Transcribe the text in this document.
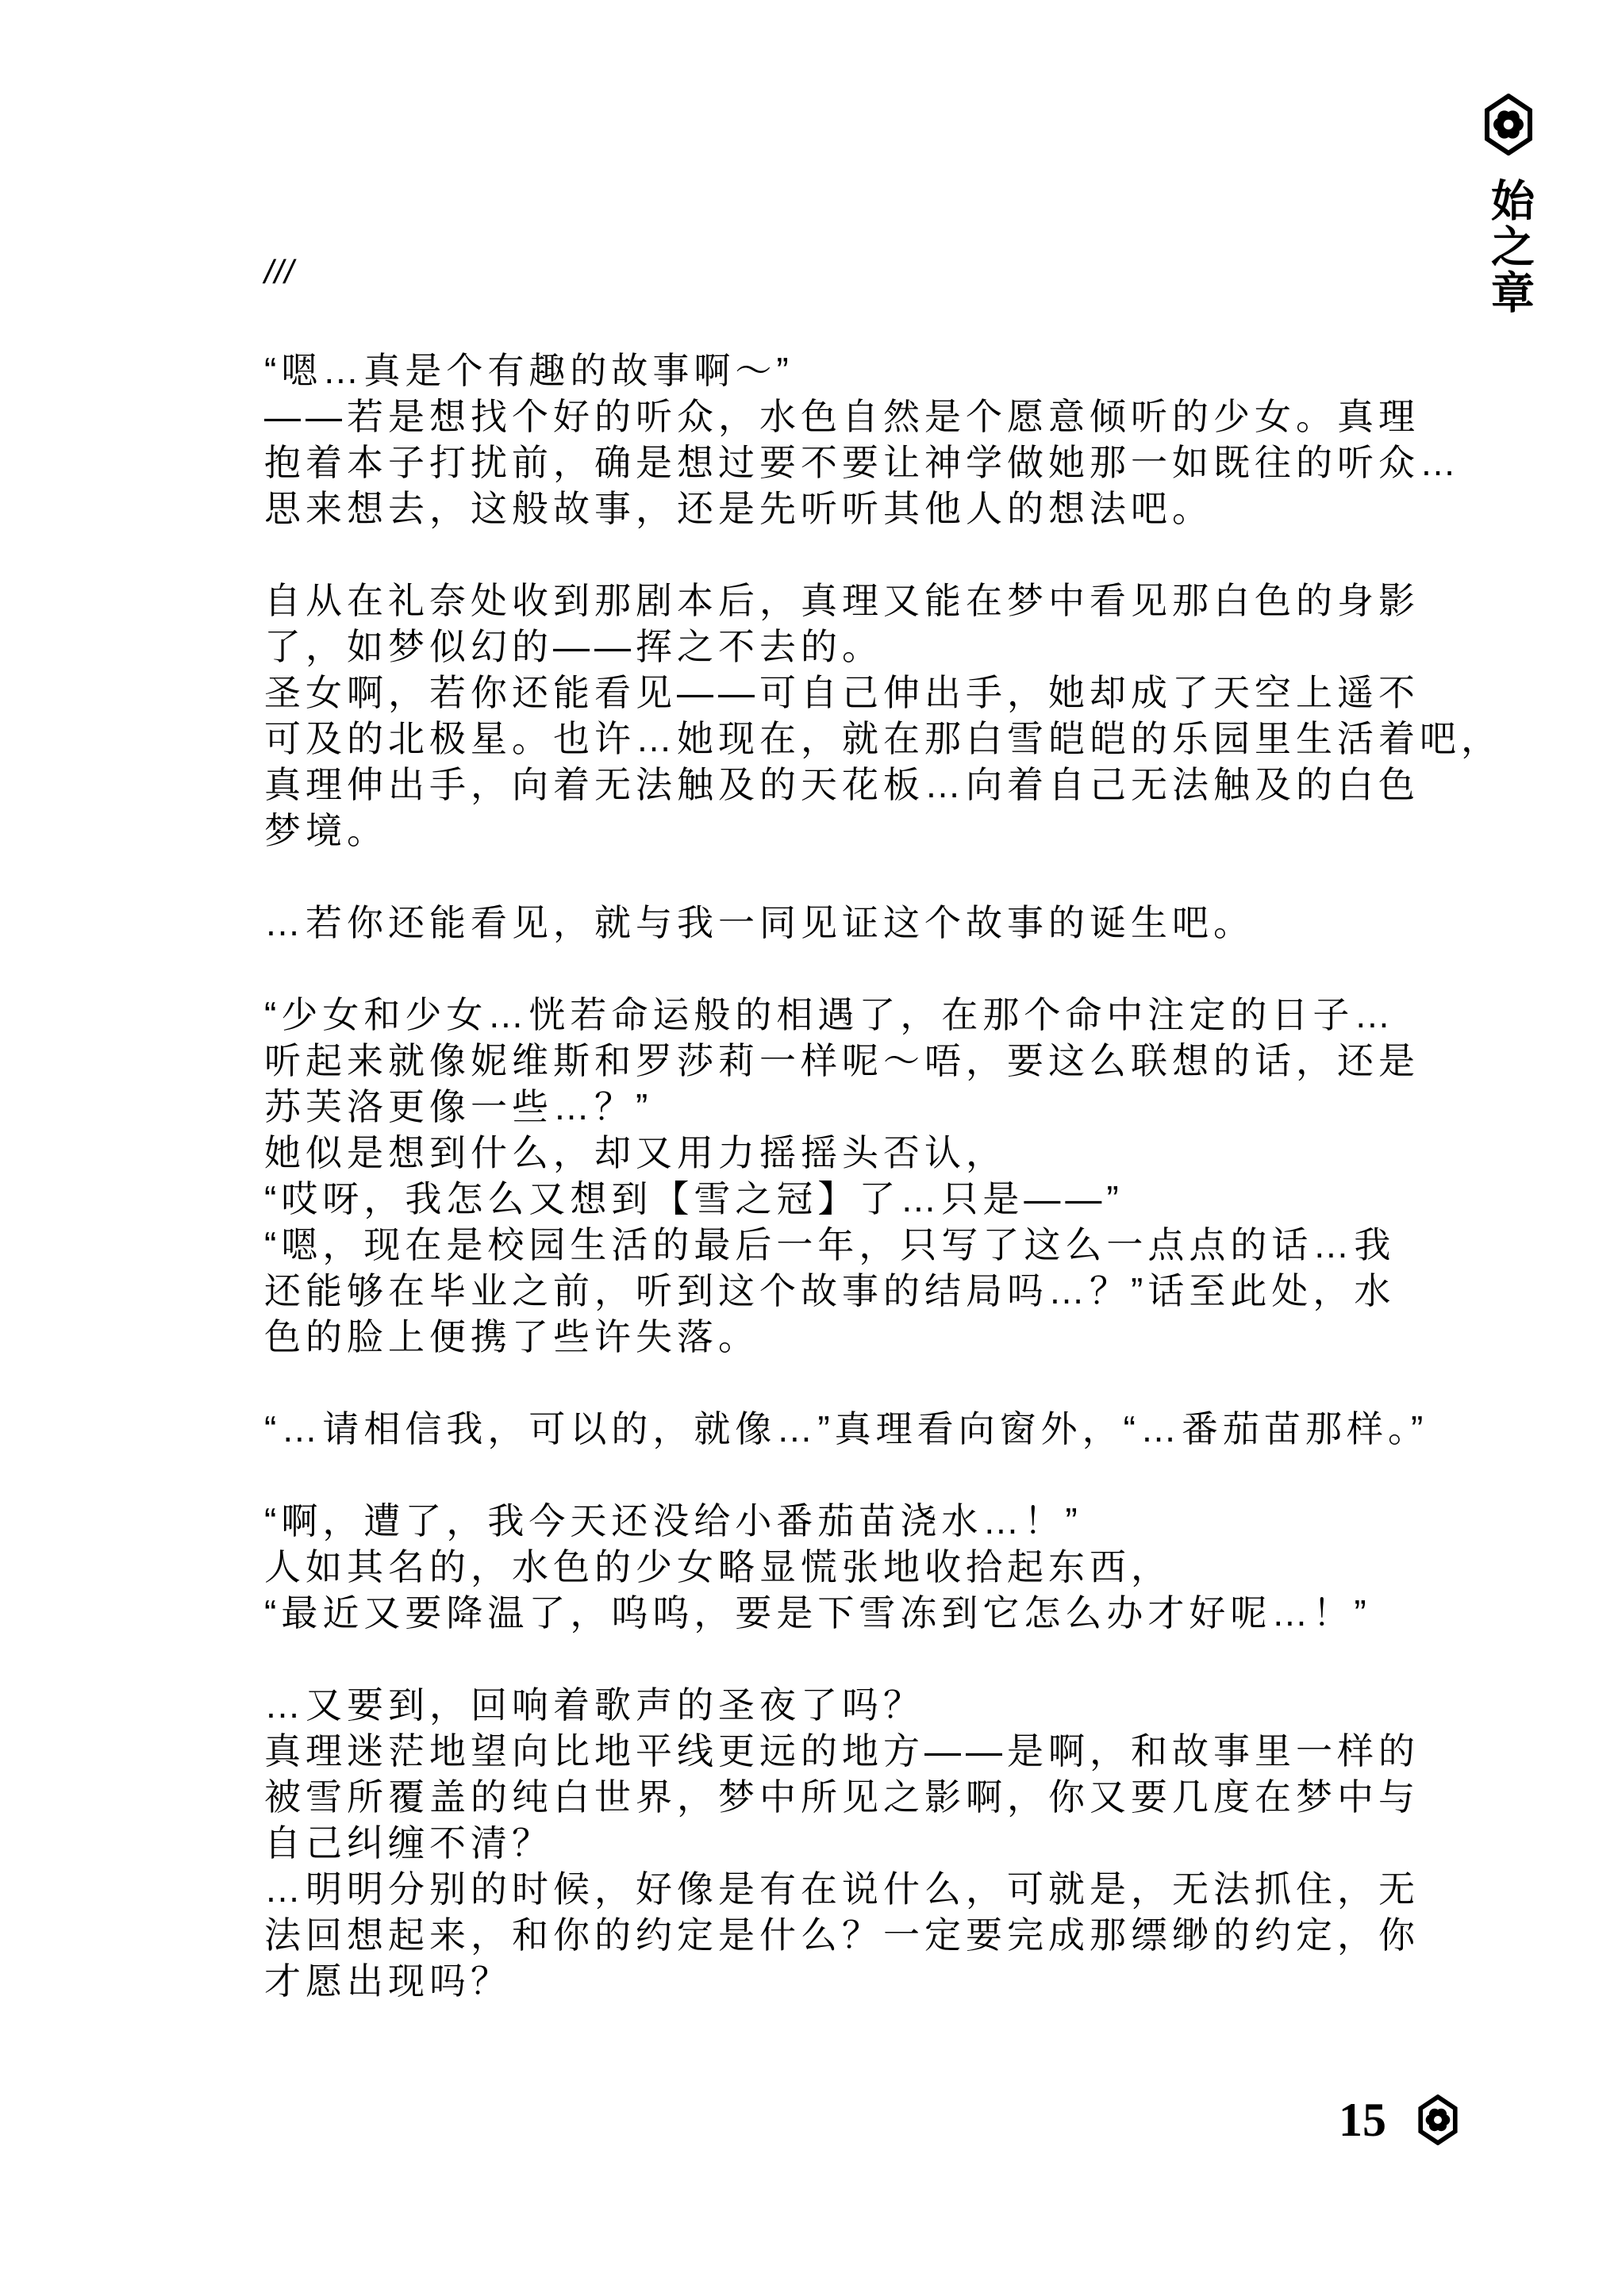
始之章
///
“嗯…真是个有趣的故事啊～”
——若是想找个好的听众，水色自然是个愿意倾听的少女。真理
抱着本子打扰前，确是想过要不要让神学做她那一如既往的听众…
思来想去，这般故事，还是先听听其他人的想法吧。
自从在礼奈处收到那剧本后，真理又能在梦中看见那白色的身影
了，如梦似幻的——挥之不去的。
圣女啊，若你还能看见——可自己伸出手，她却成了天空上遥不
可及的北极星。也许…她现在，就在那白雪皑皑的乐园里生活着吧，
真理伸出手，向着无法触及的天花板…向着自己无法触及的白色
梦境。
…若你还能看见，就与我一同见证这个故事的诞生吧。
“少女和少女…恍若命运般的相遇了，在那个命中注定的日子…
听起来就像妮维斯和罗莎莉一样呢～唔，要这么联想的话，还是
苏芙洛更像一些…？”
她似是想到什么，却又用力摇摇头否认，
“哎呀，我怎么又想到【雪之冠】了…只是——”
“嗯，现在是校园生活的最后一年，只写了这么一点点的话…我
还能够在毕业之前，听到这个故事的结局吗…？”话至此处，水
色的脸上便携了些许失落。
“…请相信我，可以的，就像…”真理看向窗外，“…番茄苗那样。”
“啊，遭了，我今天还没给小番茄苗浇水…！”
人如其名的，水色的少女略显慌张地收拾起东西，
“最近又要降温了，呜呜，要是下雪冻到它怎么办才好呢…！”
…又要到，回响着歌声的圣夜了吗？
真理迷茫地望向比地平线更远的地方——是啊，和故事里一样的
被雪所覆盖的纯白世界，梦中所见之影啊，你又要几度在梦中与
自己纠缠不清？
…明明分别的时候，好像是有在说什么，可就是，无法抓住，无
法回想起来，和你的约定是什么？一定要完成那缥缈的约定，你
才愿出现吗？
15
